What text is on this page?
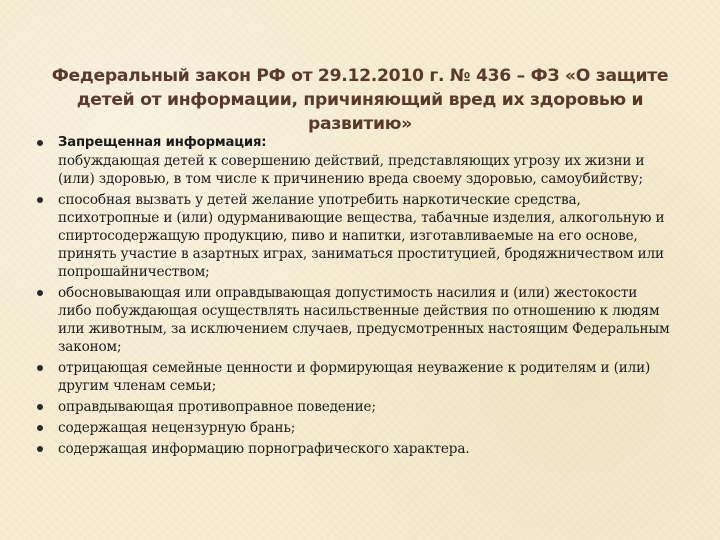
Федеральный закон РФ от 29.12.2010 г. № 436 – ФЗ «О защите детей от информации, причиняющий вред их здоровью и развитию»
Запрещенная информация:
побуждающая детей к совершению действий, представляющих угрозу их жизни и (или) здоровью, в том числе к причинению вреда своему здоровью, самоубийству;
способная вызвать у детей желание употребить наркотические средства, психотропные и (или) одурманивающие вещества, табачные изделия, алкогольную и спиртосодержащую продукцию, пиво и напитки, изготавливаемые на его основе, принять участие в азартных играх, заниматься проституцией, бродяжничеством или попрошайничеством;
обосновывающая или оправдывающая допустимость насилия и (или) жестокости либо побуждающая осуществлять насильственные действия по отношению к людям или животным, за исключением случаев, предусмотренных настоящим Федеральным законом;
отрицающая семейные ценности и формирующая неуважение к родителям и (или) другим членам семьи;
оправдывающая противоправное поведение;
содержащая нецензурную брань;
содержащая информацию порнографического характера.
